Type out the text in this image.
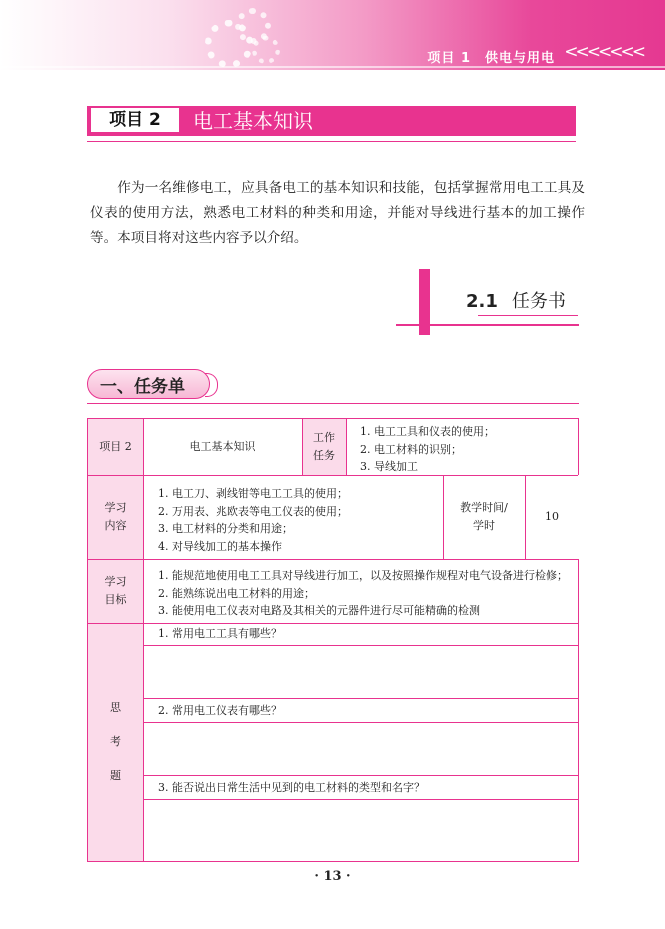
项目 1　供电与用电 <<<<<<<
项目 2	电工基本知识

作为一名维修电工，应具备电工的基本知识和技能，包括掌握常用电工工具及仪表的使用方法，熟悉电工材料的种类和用途，并能对导线进行基本的加工操作等。本项目将对这些内容予以介绍。

2.1 任务书
一、任务单
项目 2	电工基本知识
工作
任务
1. 电工工具和仪表的使用；
2. 电工材料的识别；
3. 导线加工
学习
内容
1. 电工刀、剥线钳等电工工具的使用；
2. 万用表、兆欧表等电工仪表的使用；
3. 电工材料的分类和用途；
4. 对导线加工的基本操作
教学时间/
学时
10
学习
目标
1. 能规范地使用电工工具对导线进行加工，以及按照操作规程对电气设备进行检修；
2. 能熟练说出电工材料的用途；
3. 能使用电工仪表对电路及其相关的元器件进行尽可能精确的检测
思
考
题
1. 常用电工工具有哪些？
2. 常用电工仪表有哪些？
3. 能否说出日常生活中见到的电工材料的类型和名字？
· 13 ·
